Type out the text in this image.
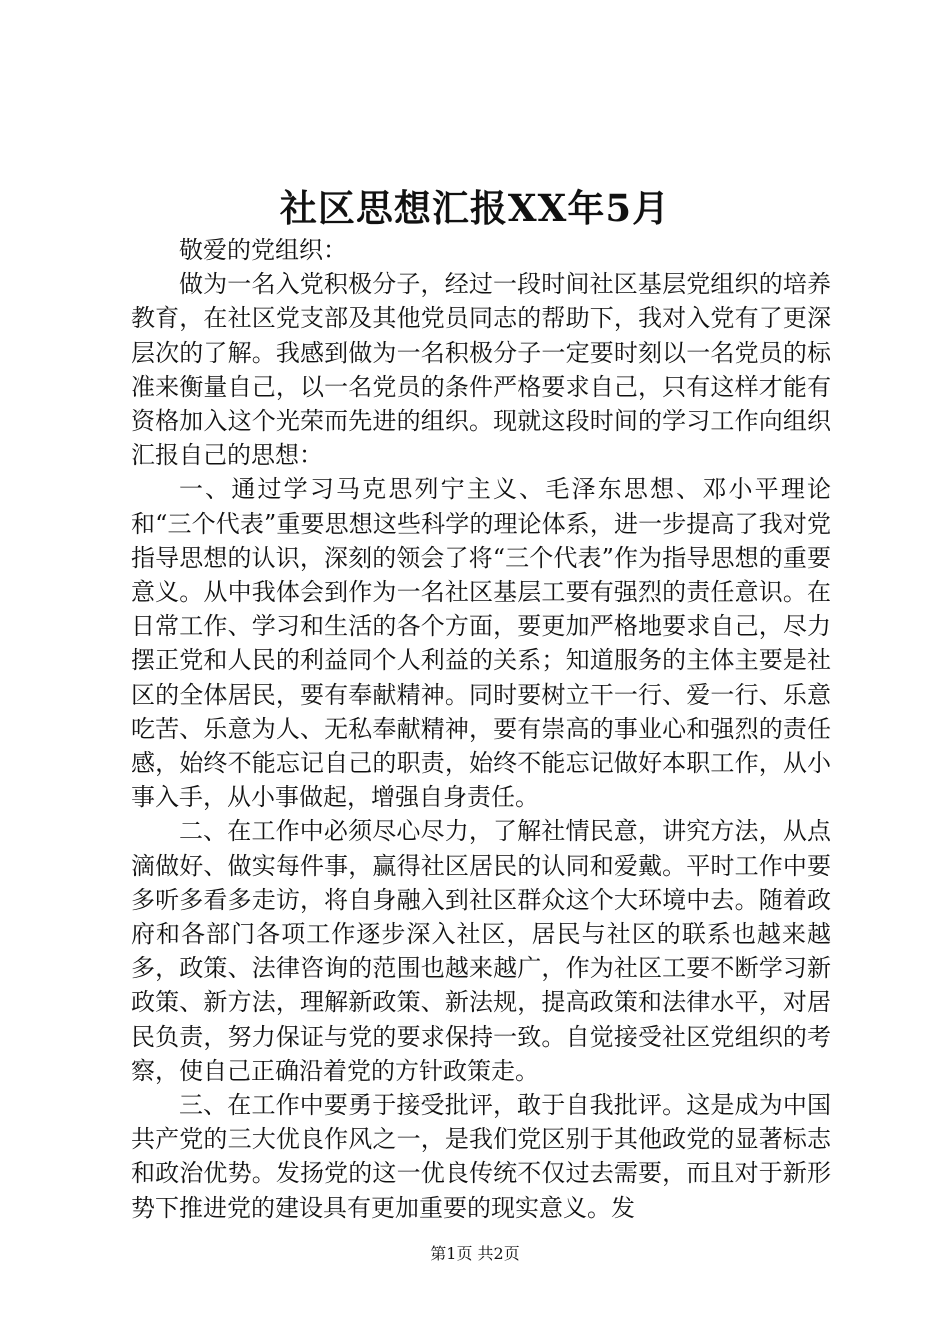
社区思想汇报XX年5月

敬爱的党组织：

做为一名入党积极分子，经过一段时间社区基层党组织的培养教育，在社区党支部及其他党员同志的帮助下，我对入党有了更深层次的了解。我感到做为一名积极分子一定要时刻以一名党员的标准来衡量自己，以一名党员的条件严格要求自己，只有这样才能有资格加入这个光荣而先进的组织。现就这段时间的学习工作向组织汇报自己的思想：

一、通过学习马克思列宁主义、毛泽东思想、邓小平理论和“三个代表”重要思想这些科学的理论体系，进一步提高了我对党指导思想的认识，深刻的领会了将“三个代表”作为指导思想的重要意义。从中我体会到作为一名社区基层工要有强烈的责任意识。在日常工作、学习和生活的各个方面，要更加严格地要求自己，尽力摆正党和人民的利益同个人利益的关系；知道服务的主体主要是社区的全体居民，要有奉献精神。同时要树立干一行、爱一行、乐意吃苦、乐意为人、无私奉献精神，要有崇高的事业心和强烈的责任感，始终不能忘记自己的职责，始终不能忘记做好本职工作，从小事入手，从小事做起，增强自身责任。

二、在工作中必须尽心尽力，了解社情民意，讲究方法，从点滴做好、做实每件事，赢得社区居民的认同和爱戴。平时工作中要多听多看多走访，将自身融入到社区群众这个大环境中去。随着政府和各部门各项工作逐步深入社区，居民与社区的联系也越来越多，政策、法律咨询的范围也越来越广，作为社区工要不断学习新政策、新方法，理解新政策、新法规，提高政策和法律水平，对居民负责，努力保证与党的要求保持一致。自觉接受社区党组织的考察，使自己正确沿着党的方针政策走。

三、在工作中要勇于接受批评，敢于自我批评。这是成为中国共产党的三大优良作风之一，是我们党区别于其他政党的显著标志和政治优势。发扬党的这一优良传统不仅过去需要，而且对于新形势下推进党的建设具有更加重要的现实意义。发

第1页 共2页
